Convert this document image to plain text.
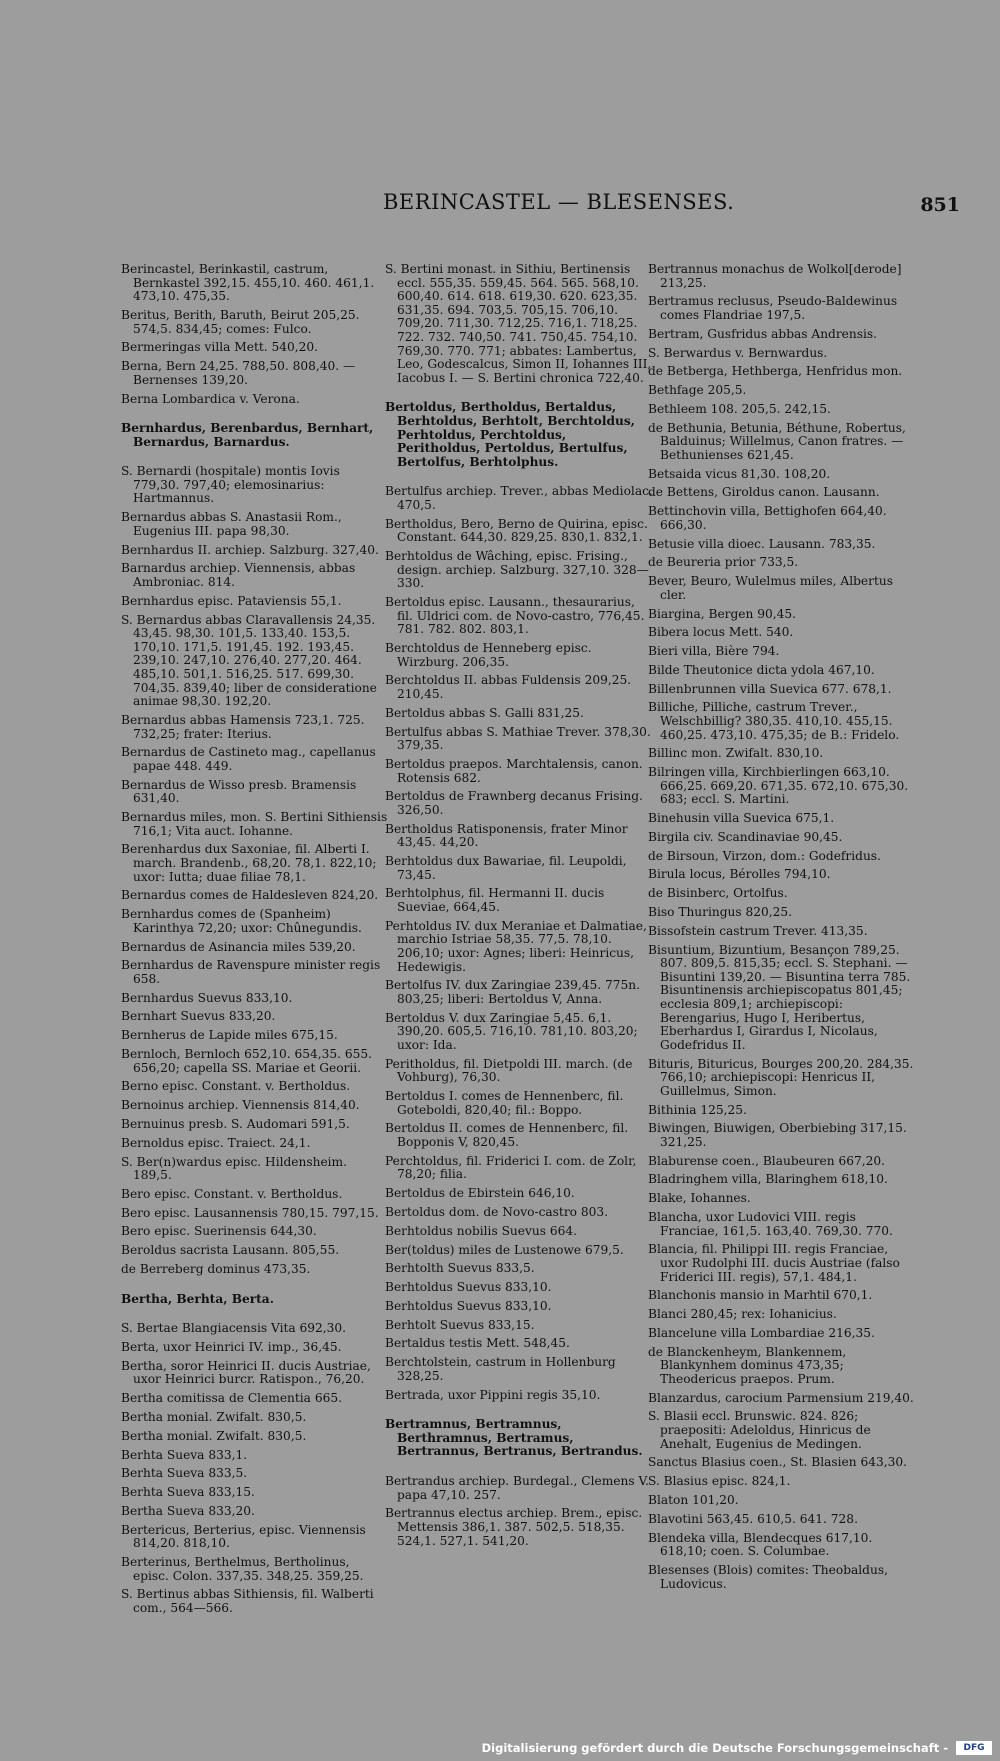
BERINCASTEL — BLESENSES.	851

Berincastel, Berinkastil, castrum, Bernkastel 392,15. 455,10. 460. 461,1. 473,10. 475,35.

Beritus, Berith, Baruth, Beirut 205,25. 574,5. 834,45; comes: Fulco.

Bermeringas villa Mett. 540,20.

Berna, Bern 24,25. 788,50. 808,40. — Bernenses 139,20.

Berna Lombardica v. Verona.

Bernhardus, Berenbardus, Bernhart, Bernardus, Barnardus.

S. Bernardi (hospitale) montis Iovis 779,30. 797,40; elemosinarius: Hartmannus.

Bernardus abbas S. Anastasii Rom., Eugenius III. papa 98,30.

Bernhardus II. archiep. Salzburg. 327,40.

Barnardus archiep. Viennensis, abbas Ambroniac. 814.

Bernhardus episc. Pataviensis 55,1.

S. Bernardus abbas Claravallensis 24,35. 43,45. 98,30. 101,5. 133,40. 153,5. 170,10. 171,5. 191,45. 192. 193,45. 239,10. 247,10. 276,40. 277,20. 464. 485,10. 501,1. 516,25. 517. 699,30. 704,35. 839,40; liber de consideratione animae 98,30. 192,20.

Bernardus abbas Hamensis 723,1. 725. 732,25; frater: Iterius.

Bernardus de Castineto mag., capellanus papae 448. 449.

Bernardus de Wisso presb. Bramensis 631,40.

Bernardus miles, mon. S. Bertini Sithiensis 716,1; Vita auct. Iohanne.

Berenhardus dux Saxoniae, fil. Alberti I. march. Brandenb., 68,20. 78,1. 822,10; uxor: Iutta; duae filiae 78,1.

Bernardus comes de Haldesleven 824,20.

Bernhardus comes de (Spanheim) Karinthya 72,20; uxor: Chûnegundis.

Bernardus de Asinancia miles 539,20.

Bernhardus de Ravenspure minister regis 658.

Bernhardus Suevus 833,10.

Bernhart Suevus 833,20.

Bernherus de Lapide miles 675,15.

Bernloch, Bernloch 652,10. 654,35. 655. 656,20; capella SS. Mariae et Georii.

Berno episc. Constant. v. Bertholdus.

Bernoinus archiep. Viennensis 814,40.

Bernuinus presb. S. Audomari 591,5.

Bernoldus episc. Traiect. 24,1.

S. Ber(n)wardus episc. Hildensheim. 189,5.

Bero episc. Constant. v. Bertholdus.

Bero episc. Lausannensis 780,15. 797,15.

Bero episc. Suerinensis 644,30.

Beroldus sacrista Lausann. 805,55.

de Berreberg dominus 473,35.

Bertha, Berhta, Berta.

S. Bertae Blangiacensis Vita 692,30.

Berta, uxor Heinrici IV. imp., 36,45.

Bertha, soror Heinrici II. ducis Austriae, uxor Heinrici burcr. Ratispon., 76,20.

Bertha comitissa de Clementia 665.

Bertha monial. Zwifalt. 830,5.

Bertha monial. Zwifalt. 830,5.

Berhta Sueva 833,1.

Berhta Sueva 833,5.

Berhta Sueva 833,15.

Bertha Sueva 833,20.

Bertericus, Berterius, episc. Viennensis 814,20. 818,10.

Berterinus, Berthelmus, Bertholinus, episc. Colon. 337,35. 348,25. 359,25.

S. Bertinus abbas Sithiensis, fil. Walberti com., 564—566.

S. Bertini monast. in Sithiu, Bertinensis eccl. 555,35. 559,45. 564. 565. 568,10. 600,40. 614. 618. 619,30. 620. 623,35. 631,35. 694. 703,5. 705,15. 706,10. 709,20. 711,30. 712,25. 716,1. 718,25. 722. 732. 740,50. 741. 750,45. 754,10. 769,30. 770. 771; abbates: Lambertus, Leo, Godescalcus, Simon II, Iohannes III, Iacobus I. — S. Bertini chronica 722,40.

Bertoldus, Bertholdus, Bertaldus, Berhtoldus, Berhtolt, Berchtoldus, Perhtoldus, Perchtoldus, Peritholdus, Pertoldus, Bertulfus, Bertolfus, Berhtolphus.

Bertulfus archiep. Trever., abbas Mediolac. 470,5.

Bertholdus, Bero, Berno de Quirina, episc. Constant. 644,30. 829,25. 830,1. 832,1.

Berhtoldus de Wâching, episc. Frising., design. archiep. Salzburg. 327,10. 328—330.

Bertoldus episc. Lausann., thesaurarius, fil. Uldrici com. de Novo-castro, 776,45. 781. 782. 802. 803,1.

Berchtoldus de Henneberg episc. Wirzburg. 206,35.

Berchtoldus II. abbas Fuldensis 209,25. 210,45.

Bertoldus abbas S. Galli 831,25.

Bertulfus abbas S. Mathiae Trever. 378,30. 379,35.

Bertoldus praepos. Marchtalensis, canon. Rotensis 682.

Bertoldus de Frawnberg decanus Frising. 326,50.

Bertholdus Ratisponensis, frater Minor 43,45. 44,20.

Berhtoldus dux Bawariae, fil. Leupoldi, 73,45.

Berhtolphus, fil. Hermanni II. ducis Sueviae, 664,45.

Perhtoldus IV. dux Meraniae et Dalmatiae, marchio Istriae 58,35. 77,5. 78,10. 206,10; uxor: Agnes; liberi: Heinricus, Hedewigis.

Bertolfus IV. dux Zaringiae 239,45. 775n. 803,25; liberi: Bertoldus V, Anna.

Bertoldus V. dux Zaringiae 5,45. 6,1. 390,20. 605,5. 716,10. 781,10. 803,20; uxor: Ida.

Peritholdus, fil. Dietpoldi III. march. (de Vohburg), 76,30.

Bertoldus I. comes de Hennenberc, fil. Goteboldi, 820,40; fil.: Boppo.

Bertoldus II. comes de Hennenberc, fil. Bopponis V, 820,45.

Perchtoldus, fil. Friderici I. com. de Zolr, 78,20; filia.

Bertoldus de Ebirstein 646,10.

Bertoldus dom. de Novo-castro 803.

Berhtoldus nobilis Suevus 664.

Ber(toldus) miles de Lustenowe 679,5.

Berhtolth Suevus 833,5.

Berhtoldus Suevus 833,10.

Berhtoldus Suevus 833,10.

Berhtolt Suevus 833,15.

Bertaldus testis Mett. 548,45.

Berchtolstein, castrum in Hollenburg 328,25.

Bertrada, uxor Pippini regis 35,10.

Bertramnus, Bertramnus, Berthramnus, Bertramus, Bertrannus, Bertranus, Bertrandus.

Bertrandus archiep. Burdegal., Clemens V. papa 47,10. 257.

Bertrannus electus archiep. Brem., episc. Mettensis 386,1. 387. 502,5. 518,35. 524,1. 527,1. 541,20.

Bertrannus monachus de Wolkol[derode] 213,25.

Bertramus reclusus, Pseudo-Baldewinus comes Flandriae 197,5.

Bertram, Gusfridus abbas Andrensis.

S. Berwardus v. Bernwardus.

de Betberga, Hethberga, Henfridus mon.

Bethfage 205,5.

Bethleem 108. 205,5. 242,15.

de Bethunia, Betunia, Béthune, Robertus, Balduinus; Willelmus, Canon fratres. — Bethunienses 621,45.

Betsaida vicus 81,30. 108,20.

de Bettens, Giroldus canon. Lausann.

Bettinchovin villa, Bettighofen 664,40. 666,30.

Betusie villa dioec. Lausann. 783,35.

de Beureria prior 733,5.

Bever, Beuro, Wulelmus miles, Albertus cler.

Biargina, Bergen 90,45.

Bibera locus Mett. 540.

Bieri villa, Bière 794.

Bilde Theutonice dicta ydola 467,10.

Billenbrunnen villa Suevica 677. 678,1.

Billiche, Pilliche, castrum Trever., Welschbillig? 380,35. 410,10. 455,15. 460,25. 473,10. 475,35; de B.: Fridelo.

Billinc mon. Zwifalt. 830,10.

Bilringen villa, Kirchbierlingen 663,10. 666,25. 669,20. 671,35. 672,10. 675,30. 683; eccl. S. Martini.

Binehusin villa Suevica 675,1.

Birgila civ. Scandinaviae 90,45.

de Birsoun, Virzon, dom.: Godefridus.

Birula locus, Bérolles 794,10.

de Bisinberc, Ortolfus.

Biso Thuringus 820,25.

Bissofstein castrum Trever. 413,35.

Bisuntium, Bizuntium, Besançon 789,25. 807. 809,5. 815,35; eccl. S. Stephani. — Bisuntini 139,20. — Bisuntina terra 785. Bisuntinensis archiepiscopatus 801,45; ecclesia 809,1; archiepiscopi: Berengarius, Hugo I, Heribertus, Eberhardus I, Girardus I, Nicolaus, Godefridus II.

Bituris, Bituricus, Bourges 200,20. 284,35. 766,10; archiepiscopi: Henricus II, Guillelmus, Simon.

Bithinia 125,25.

Biwingen, Biuwigen, Oberbiebing 317,15. 321,25.

Blaburense coen., Blaubeuren 667,20.

Bladringhem villa, Blaringhem 618,10.

Blake, Iohannes.

Blancha, uxor Ludovici VIII. regis Franciae, 161,5. 163,40. 769,30. 770.

Blancia, fil. Philippi III. regis Franciae, uxor Rudolphi III. ducis Austriae (falso Friderici III. regis), 57,1. 484,1.

Blanchonis mansio in Marhtil 670,1.

Blanci 280,45; rex: Iohanicius.

Blancelune villa Lombardiae 216,35.

de Blanckenheym, Blankennem, Blankynhem dominus 473,35; Theodericus praepos. Prum.

Blanzardus, carocium Parmensium 219,40.

S. Blasii eccl. Brunswic. 824. 826; praepositi: Adeloldus, Hinricus de Anehalt, Eugenius de Medingen.

Sanctus Blasius coen., St. Blasien 643,30.

S. Blasius episc. 824,1.

Blaton 101,20.

Blavotini 563,45. 610,5. 641. 728.

Blendeka villa, Blendecques 617,10. 618,10; coen. S. Columbae.

Blesenses (Blois) comites: Theobaldus, Ludovicus.

Digitalisierung gefördert durch die Deutsche Forschungsgemeinschaft - DFG
